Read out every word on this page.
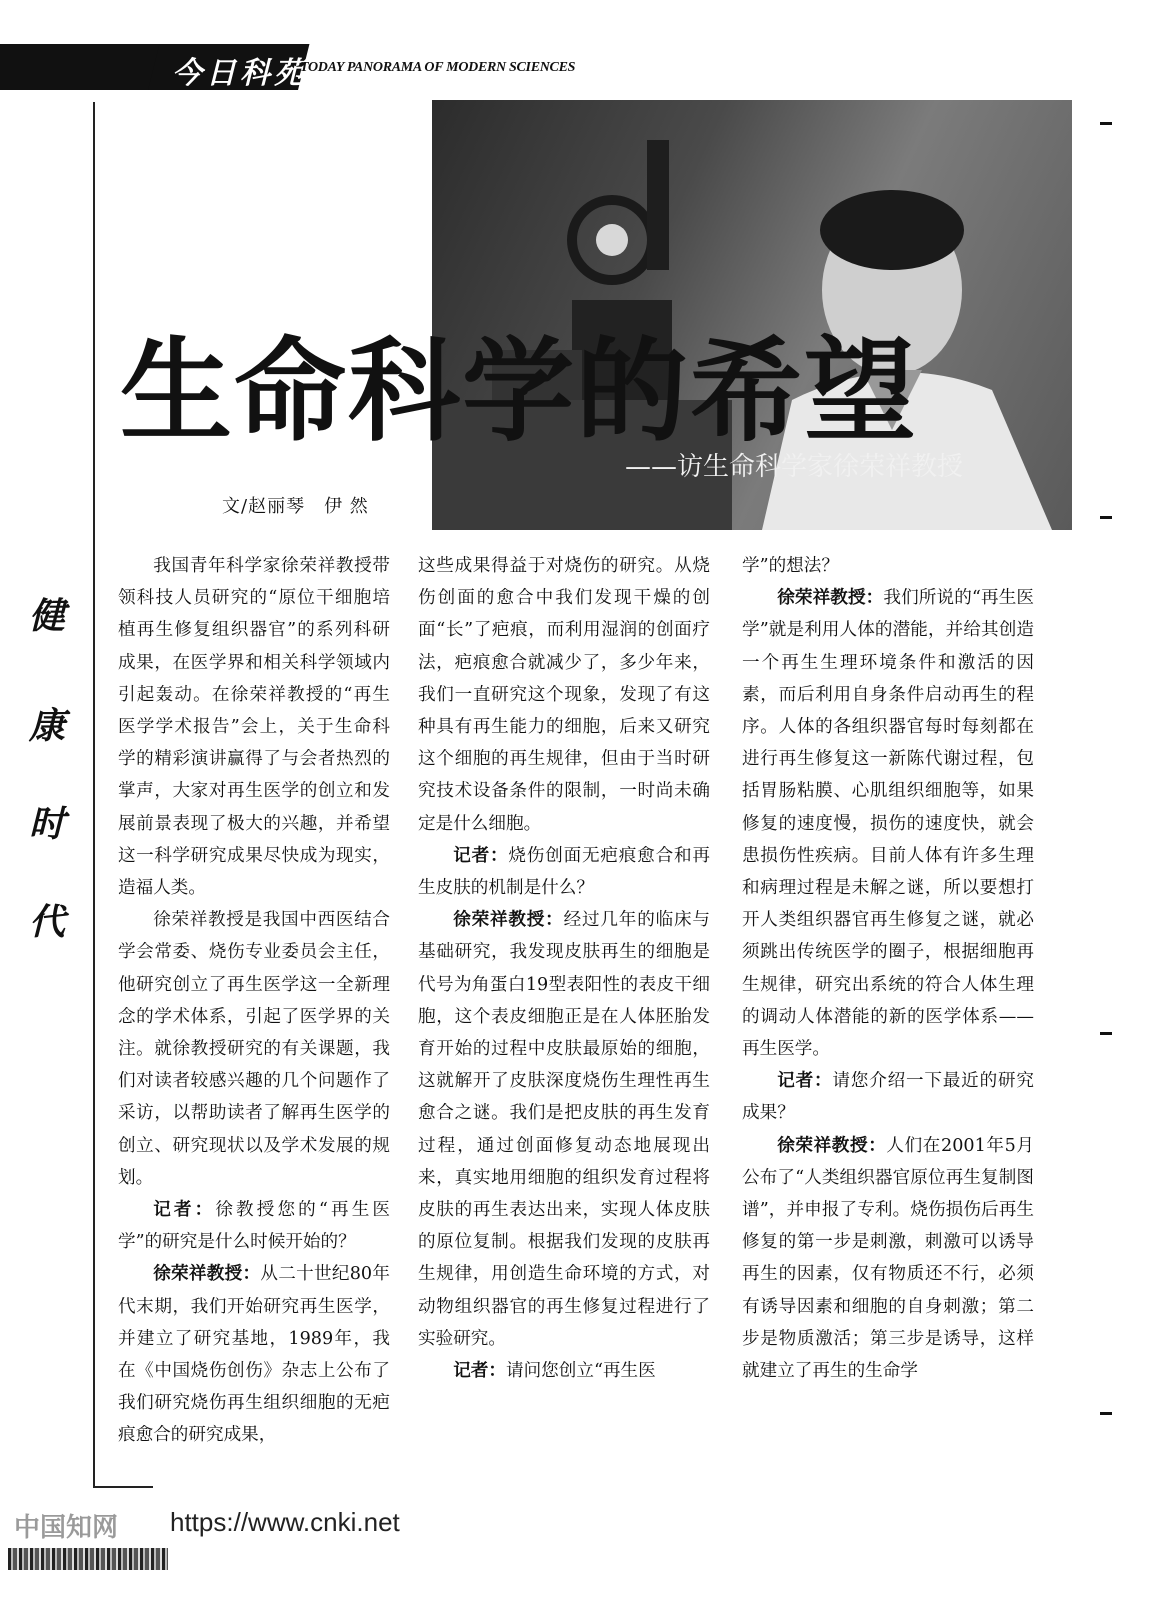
今日科苑
TODAY PANORAMA OF MODERN SCIENCES
生命科学的希望
——访生命科学家徐荣祥教授
文/赵丽琴　伊 然
健
康
时
代

我国青年科学家徐荣祥教授带领科技人员研究的“原位干细胞培植再生修复组织器官”的系列科研成果，在医学界和相关科学领域内引起轰动。在徐荣祥教授的“再生医学学术报告”会上，关于生命科学的精彩演讲赢得了与会者热烈的掌声，大家对再生医学的创立和发展前景表现了极大的兴趣，并希望这一科学研究成果尽快成为现实，造福人类。

徐荣祥教授是我国中西医结合学会常委、烧伤专业委员会主任，他研究创立了再生医学这一全新理念的学术体系，引起了医学界的关注。就徐教授研究的有关课题，我们对读者较感兴趣的几个问题作了采访，以帮助读者了解再生医学的创立、研究现状以及学术发展的规划。

记者：徐教授您的“再生医学”的研究是什么时候开始的？

徐荣祥教授：从二十世纪80年代末期，我们开始研究再生医学，并建立了研究基地，1989年，我在《中国烧伤创伤》杂志上公布了我们研究烧伤再生组织细胞的无疤痕愈合的研究成果，

这些成果得益于对烧伤的研究。从烧伤创面的愈合中我们发现干燥的创面“长”了疤痕，而利用湿润的创面疗法，疤痕愈合就减少了，多少年来，我们一直研究这个现象，发现了有这种具有再生能力的细胞，后来又研究这个细胞的再生规律，但由于当时研究技术设备条件的限制，一时尚未确定是什么细胞。

记者：烧伤创面无疤痕愈合和再生皮肤的机制是什么？

徐荣祥教授：经过几年的临床与基础研究，我发现皮肤再生的细胞是代号为角蛋白19型表阳性的表皮干细胞，这个表皮细胞正是在人体胚胎发育开始的过程中皮肤最原始的细胞，这就解开了皮肤深度烧伤生理性再生愈合之谜。我们是把皮肤的再生发育过程，通过创面修复动态地展现出来，真实地用细胞的组织发育过程将皮肤的再生表达出来，实现人体皮肤的原位复制。根据我们发现的皮肤再生规律，用创造生命环境的方式，对动物组织器官的再生修复过程进行了实验研究。

记者：请问您创立“再生医

学”的想法？

徐荣祥教授：我们所说的“再生医学”就是利用人体的潜能，并给其创造一个再生生理环境条件和激活的因素，而后利用自身条件启动再生的程序。人体的各组织器官每时每刻都在进行再生修复这一新陈代谢过程，包括胃肠粘膜、心肌组织细胞等，如果修复的速度慢，损伤的速度快，就会患损伤性疾病。目前人体有许多生理和病理过程是未解之谜，所以要想打开人类组织器官再生修复之谜，就必须跳出传统医学的圈子，根据细胞再生规律，研究出系统的符合人体生理的调动人体潜能的新的医学体系——再生医学。

记者：请您介绍一下最近的研究成果？

徐荣祥教授：人们在2001年5月公布了“人类组织器官原位再生复制图谱”，并申报了专利。烧伤损伤后再生修复的第一步是刺激，刺激可以诱导再生的因素，仅有物质还不行，必须有诱导因素和细胞的自身刺激；第二步是物质激活；第三步是诱导，这样就建立了再生的生命学

中国知网 https://www.cnki.net
